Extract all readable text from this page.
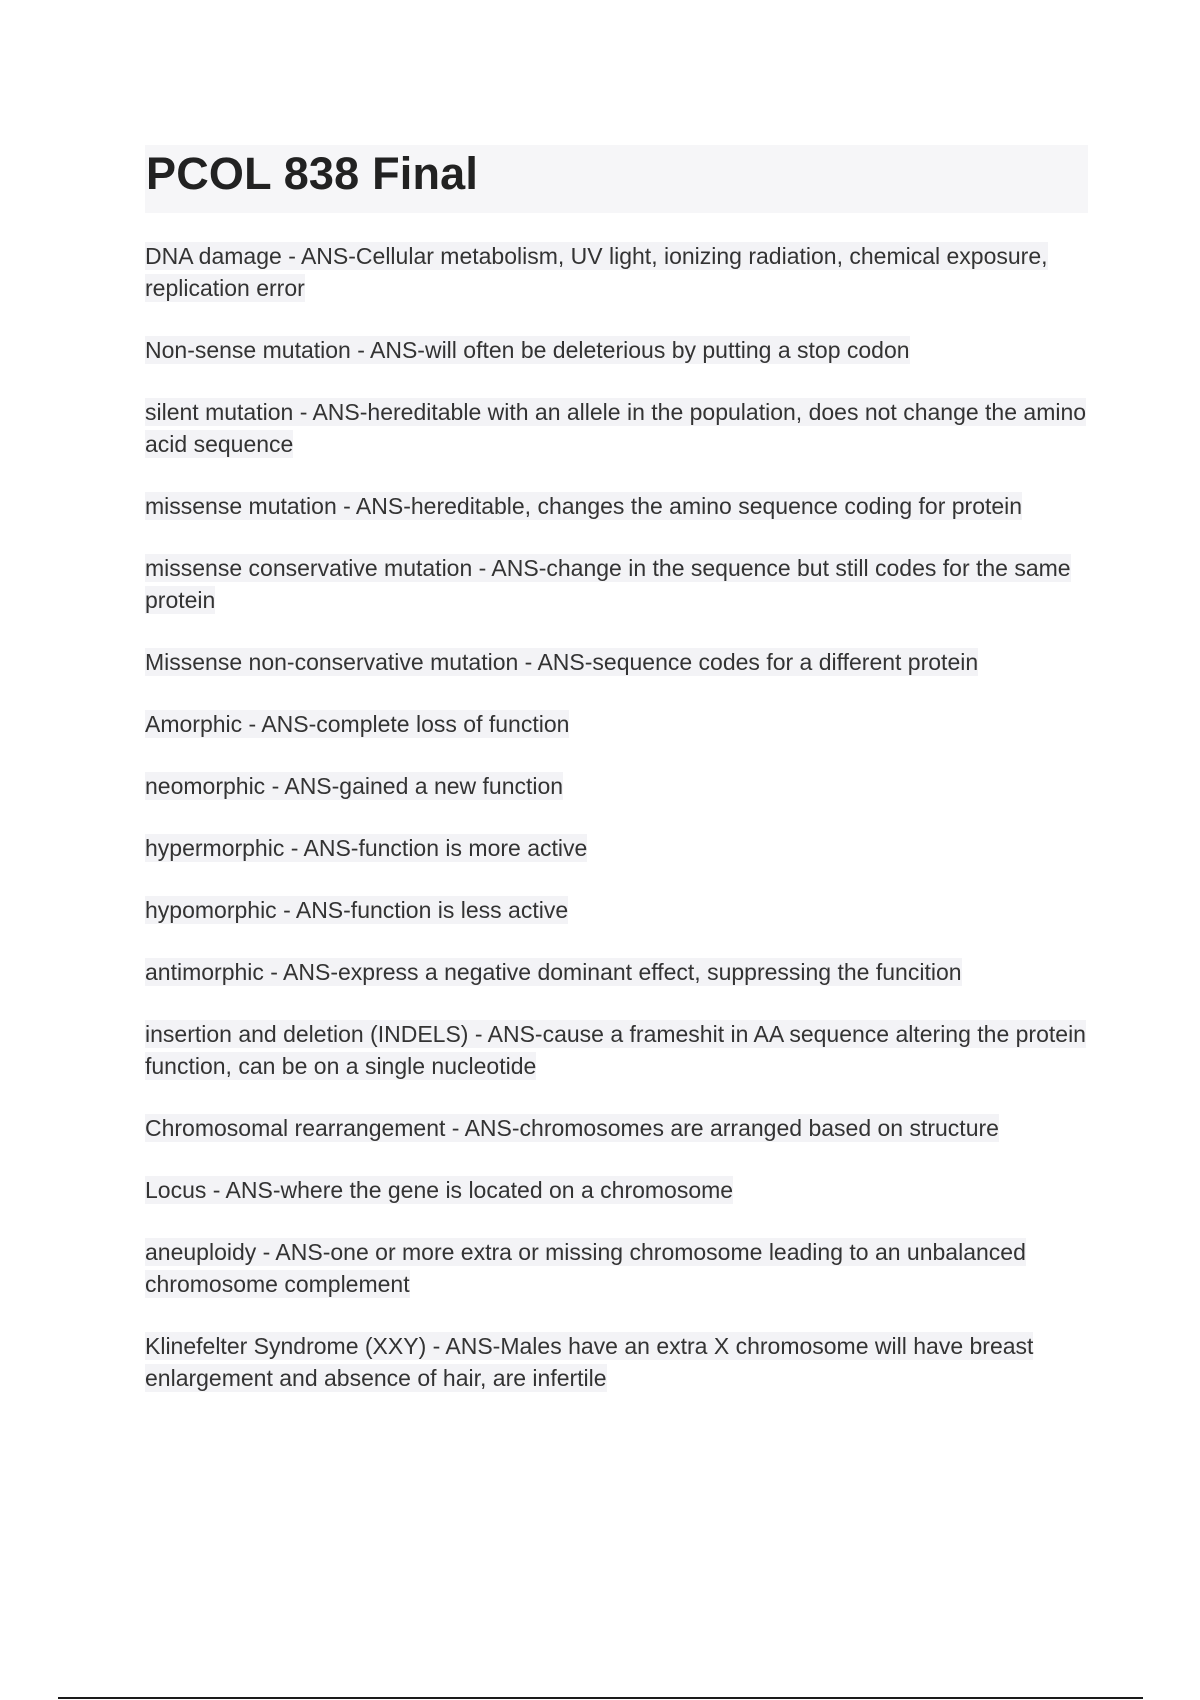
PCOL 838 Final

DNA damage - ANS-Cellular metabolism, UV light, ionizing radiation, chemical exposure, replication error

Non-sense mutation - ANS-will often be deleterious by putting a stop codon

silent mutation - ANS-hereditable with an allele in the population, does not change the amino acid sequence

missense mutation - ANS-hereditable, changes the amino sequence coding for protein

missense conservative mutation - ANS-change in the sequence but still codes for the same protein

Missense non-conservative mutation - ANS-sequence codes for a different protein

Amorphic - ANS-complete loss of function

neomorphic - ANS-gained a new function

hypermorphic - ANS-function is more active

hypomorphic - ANS-function is less active

antimorphic - ANS-express a negative dominant effect, suppressing the funcition

insertion and deletion (INDELS) - ANS-cause a frameshit in AA sequence altering the protein function, can be on a single nucleotide

Chromosomal rearrangement - ANS-chromosomes are arranged based on structure

Locus - ANS-where the gene is located on a chromosome

aneuploidy - ANS-one or more extra or missing chromosome leading to an unbalanced chromosome complement

Klinefelter Syndrome (XXY) - ANS-Males have an extra X chromosome will have breast enlargement and absence of hair, are infertile
